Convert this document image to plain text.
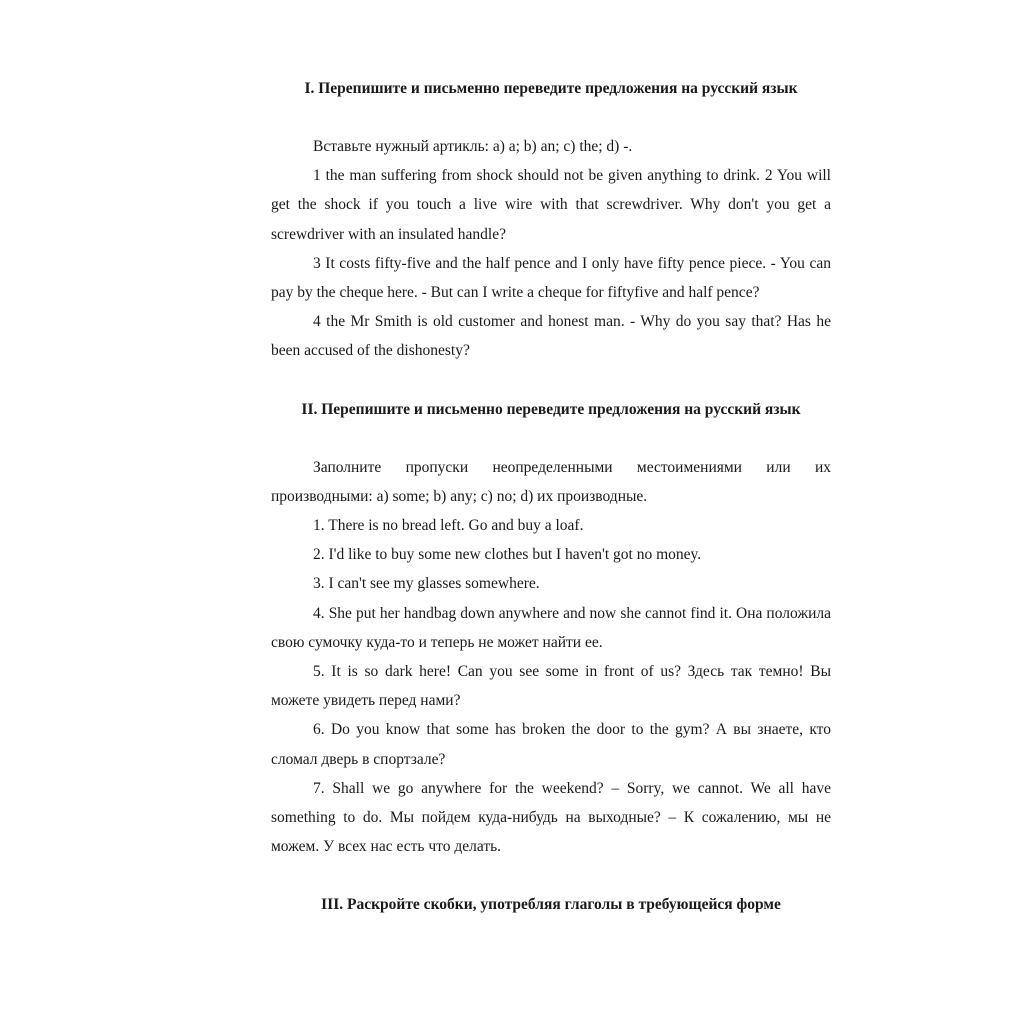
I. Перепишите и письменно переведите предложения на русский язык

Вставьте нужный артикль: a) a; b) an; c) the; d) -.

1 the man suffering from shock should not be given anything to drink. 2 You will get the shock if you touch a live wire with that screwdriver. Why don't you get a screwdriver with an insulated handle?

3 It costs fifty-five and the half pence and I only have fifty pence piece. - You can pay by the cheque here. - But can I write a cheque for fiftyfive and half pence?

4 the Mr Smith is old customer and honest man. - Why do you say that? Has he been accused of the dishonesty?

II. Перепишите и письменно переведите предложения на русский язык

Заполните пропуски неопределенными местоимениями или их производными: a) some; b) any; c) no; d) их производные.

1. There is no bread left. Go and buy a loaf.

2. I'd like to buy some new clothes but I haven't got no money.

3. I can't see my glasses somewhere.

4. She put her handbag down anywhere and now she cannot find it. Она положила свою сумочку куда-то и теперь не может найти ее.

5. It is so dark here! Can you see some in front of us? Здесь так темно! Вы можете увидеть перед нами?

6. Do you know that some has broken the door to the gym? А вы знаете, кто сломал дверь в спортзале?

7. Shall we go anywhere for the weekend? – Sorry, we cannot. We all have something to do. Мы пойдем куда-нибудь на выходные? – К сожалению, мы не можем. У всех нас есть что делать.

III. Раскройте скобки, употребляя глаголы в требующейся форме
